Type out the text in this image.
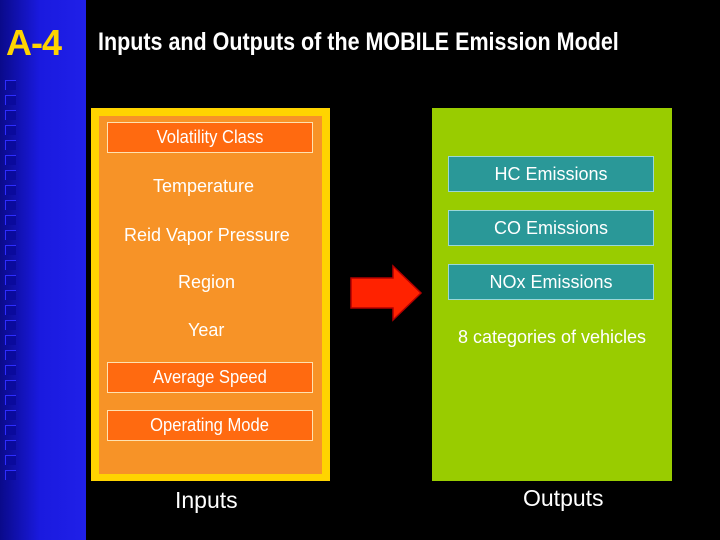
A-4 Inputs and Outputs of the MOBILE Emission Model
Volatility Class
Temperature
Reid Vapor Pressure
Region
Year
Average Speed
Operating Mode
HC Emissions
CO Emissions
NOx Emissions
8 categories of vehicles
Inputs	Outputs
